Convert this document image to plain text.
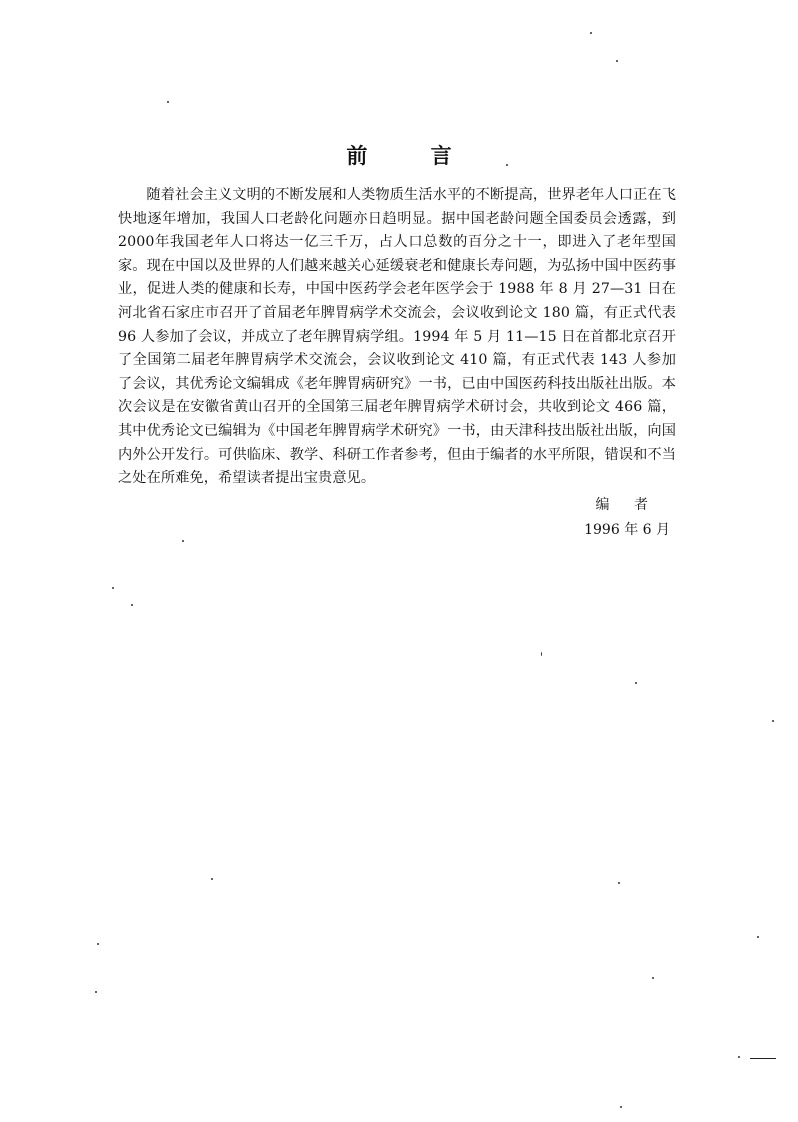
前 言

随着社会主义文明的不断发展和人类物质生活水平的不断提高，世界老年人口正在飞快地逐年增加，我国人口老龄化问题亦日趋明显。据中国老龄问题全国委员会透露，到2000年我国老年人口将达一亿三千万，占人口总数的百分之十一，即进入了老年型国家。现在中国以及世界的人们越来越关心延缓衰老和健康长寿问题，为弘扬中国中医药事业，促进人类的健康和长寿，中国中医药学会老年医学会于 1988 年 8 月 27—31 日在河北省石家庄市召开了首届老年脾胃病学术交流会，会议收到论文 180 篇，有正式代表 96 人参加了会议，并成立了老年脾胃病学组。1994 年 5 月 11—15 日在首都北京召开了全国第二届老年脾胃病学术交流会，会议收到论文 410 篇，有正式代表 143 人参加了会议，其优秀论文编辑成《老年脾胃病研究》一书，已由中国医药科技出版社出版。本次会议是在安徽省黄山召开的全国第三届老年脾胃病学术研讨会，共收到论文 466 篇，其中优秀论文已编辑为《中国老年脾胃病学术研究》一书，由天津科技出版社出版，向国内外公开发行。可供临床、教学、科研工作者参考，但由于编者的水平所限，错误和不当之处在所难免，希望读者提出宝贵意见。

编 者
1996 年 6 月
